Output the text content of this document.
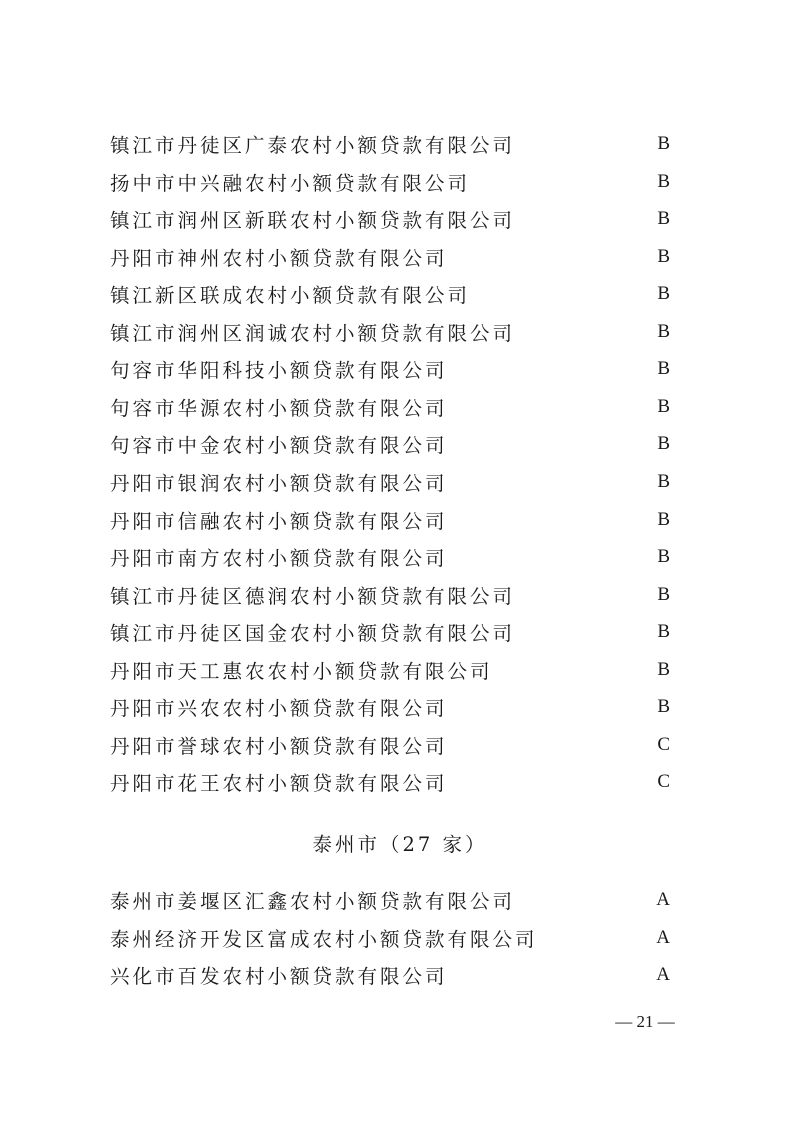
镇江市丹徒区广泰农村小额贷款有限公司	B
扬中市中兴融农村小额贷款有限公司	B
镇江市润州区新联农村小额贷款有限公司	B
丹阳市神州农村小额贷款有限公司	B
镇江新区联成农村小额贷款有限公司	B
镇江市润州区润诚农村小额贷款有限公司	B
句容市华阳科技小额贷款有限公司	B
句容市华源农村小额贷款有限公司	B
句容市中金农村小额贷款有限公司	B
丹阳市银润农村小额贷款有限公司	B
丹阳市信融农村小额贷款有限公司	B
丹阳市南方农村小额贷款有限公司	B
镇江市丹徒区德润农村小额贷款有限公司	B
镇江市丹徒区国金农村小额贷款有限公司	B
丹阳市天工惠农农村小额贷款有限公司	B
丹阳市兴农农村小额贷款有限公司	B
丹阳市誉球农村小额贷款有限公司	C
丹阳市花王农村小额贷款有限公司	C
泰州市（27 家）
泰州市姜堰区汇鑫农村小额贷款有限公司	A
泰州经济开发区富成农村小额贷款有限公司	A
兴化市百发农村小额贷款有限公司	A
— 21 —
